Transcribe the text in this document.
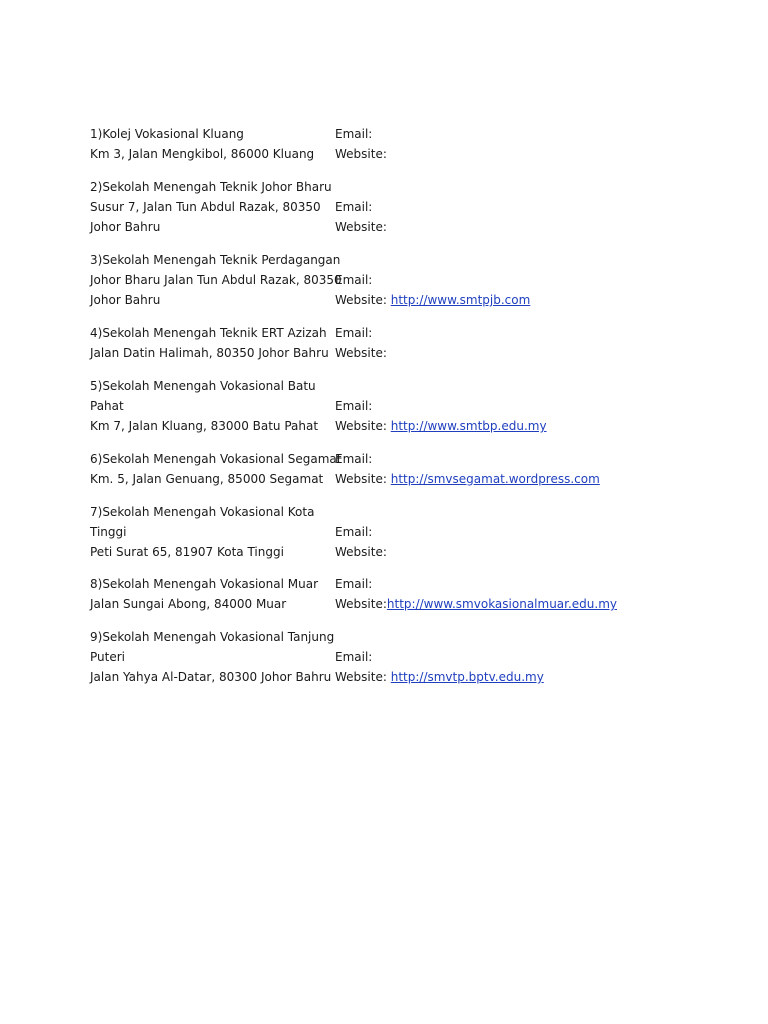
1)Kolej Vokasional Kluang
Km 3, Jalan Mengkibol, 86000 Kluang
Email:
Website:
2)Sekolah Menengah Teknik Johor Bharu
Susur 7, Jalan Tun Abdul Razak, 80350
Johor Bahru
Email:
Website:
3)Sekolah Menengah Teknik Perdagangan
Johor Bharu Jalan Tun Abdul Razak, 80350
Johor Bahru
Email:
Website: http://www.smtpjb.com
4)Sekolah Menengah Teknik ERT Azizah
Jalan Datin Halimah, 80350 Johor Bahru
Email:
Website:
5)Sekolah Menengah Vokasional Batu
Pahat
Km 7, Jalan Kluang, 83000 Batu Pahat
Email:
Website: http://www.smtbp.edu.my
6)Sekolah Menengah Vokasional Segamat
Km. 5, Jalan Genuang, 85000 Segamat
Email:
Website: http://smvsegamat.wordpress.com
7)Sekolah Menengah Vokasional Kota
Tinggi
Peti Surat 65, 81907 Kota Tinggi
Email:
Website:
8)Sekolah Menengah Vokasional Muar
Jalan Sungai Abong, 84000 Muar
Email:
Website:http://www.smvokasionalmuar.edu.my
9)Sekolah Menengah Vokasional Tanjung
Puteri
Jalan Yahya Al-Datar, 80300 Johor Bahru
Email:
Website: http://smvtp.bptv.edu.my
